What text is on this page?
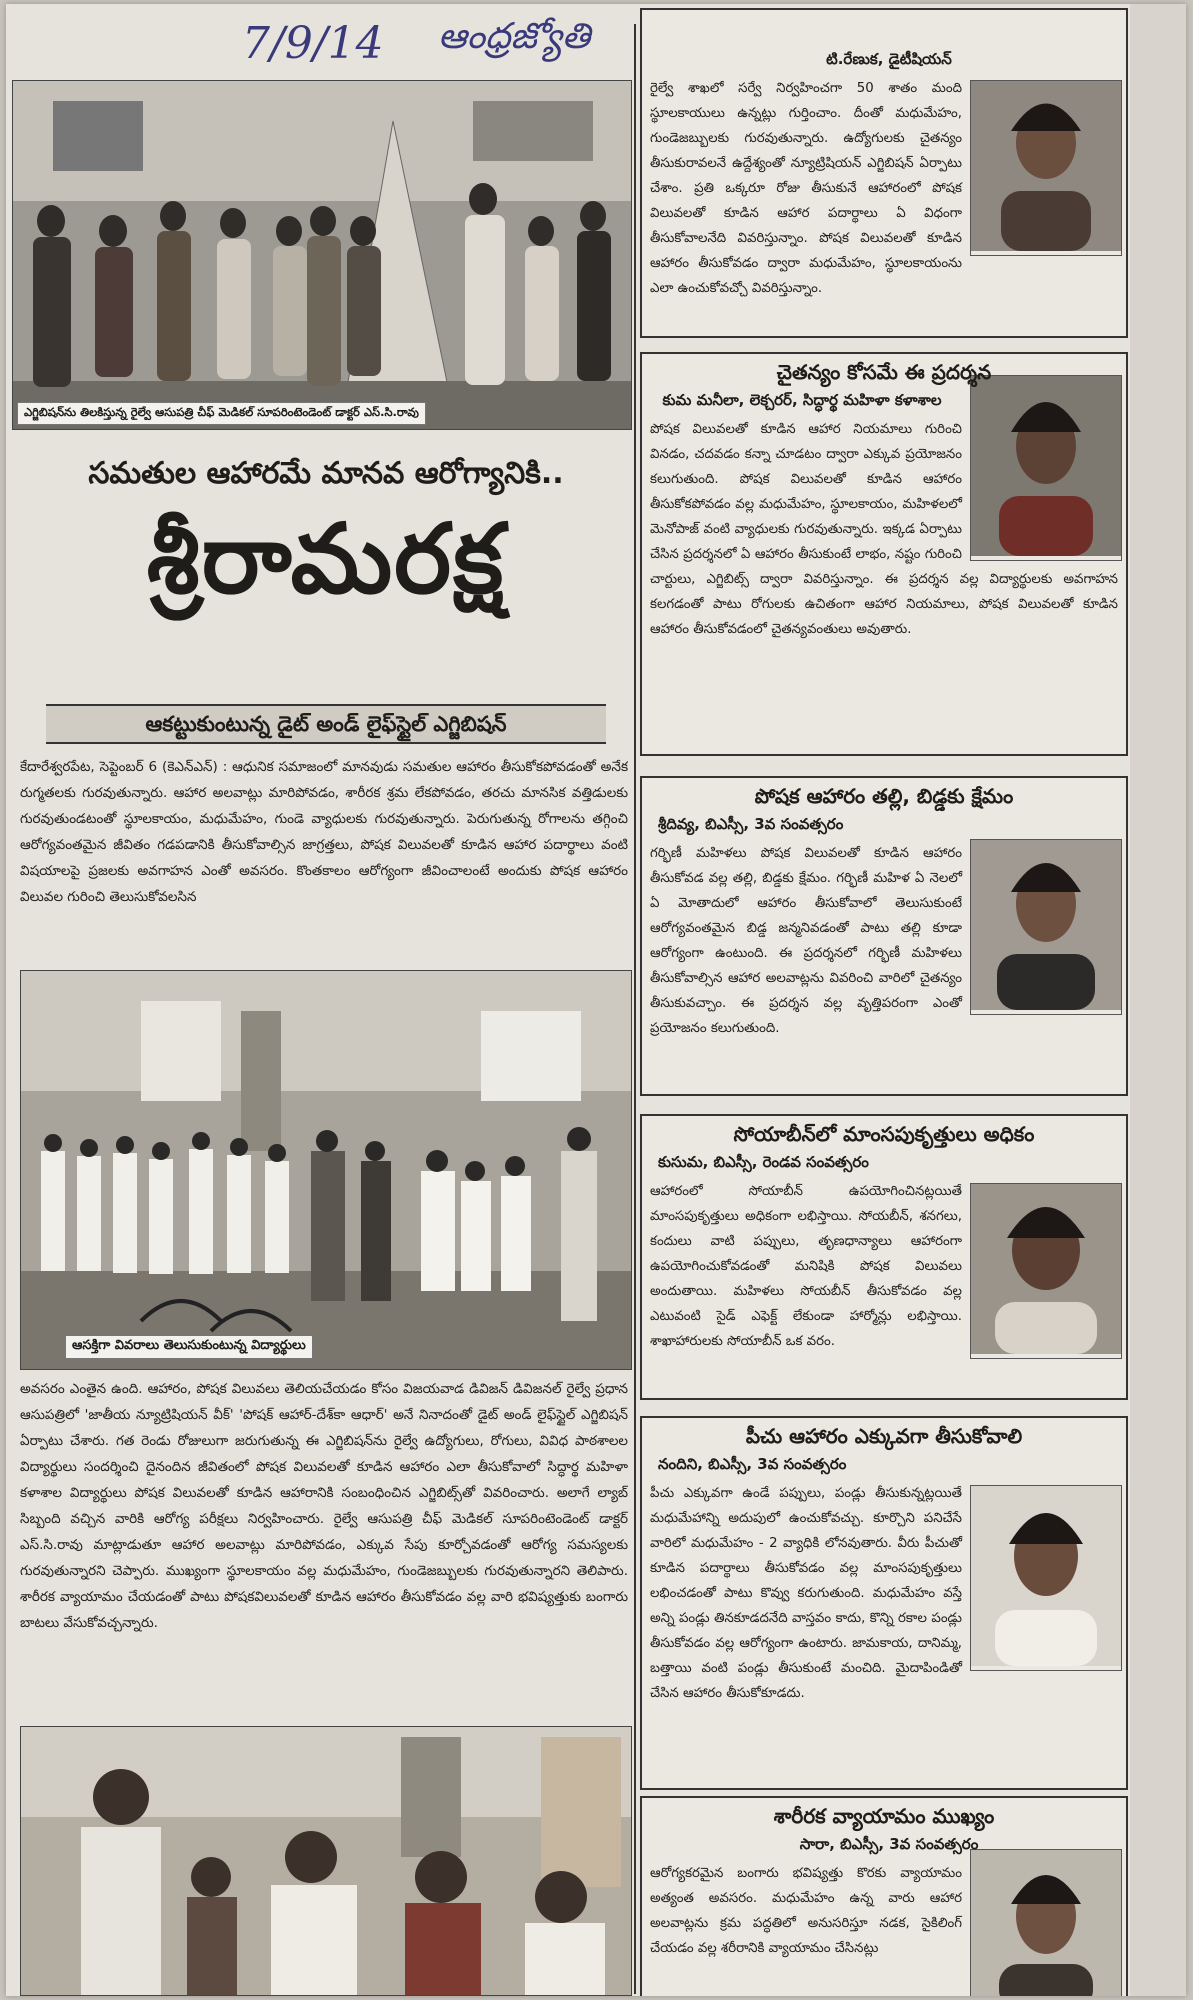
7/9/14 ఆంధ్రజ్యోతి
ఎగ్జిబిషన్‌ను తిలకిస్తున్న రైల్వే ఆసుపత్రి చీఫ్ మెడికల్ సూపరింటెండెంట్ డాక్టర్ ఎస్.సి.రావు
సమతుల ఆహారమే మానవ ఆరోగ్యానికి..
శ్రీరామరక్ష
ఆకట్టుకుంటున్న డైట్ అండ్ లైఫ్‌స్టైల్ ఎగ్జిబిషన్
కేదారేశ్వరపేట, సెప్టెంబర్ 6 (కెఎన్ఎన్) : ఆధునిక సమాజంలో మానవుడు సమతుల ఆహారం తీసుకోకపోవడంతో అనేక రుగ్మతలకు గురవుతున్నారు. ఆహార అలవాట్లు మారిపోవడం, శారీరక శ్రమ లేకపోవడం, తరచు మానసిక వత్తిడులకు గురవుతుండటంతో స్థూలకాయం, మధుమేహం, గుండె వ్యాధులకు గురవుతున్నారు. పెరుగుతున్న రోగాలను తగ్గించి ఆరోగ్యవంతమైన జీవితం గడపడానికి తీసుకోవాల్సిన జాగ్రత్తలు, పోషక విలువలతో కూడిన ఆహార పదార్థాలు వంటి విషయాలపై ప్రజలకు అవగాహన ఎంతో అవసరం. కొంతకాలం ఆరోగ్యంగా జీవించాలంటే అందుకు పోషక ఆహారం విలువల గురించి తెలుసుకోవలసిన
ఆసక్తిగా వివరాలు తెలుసుకుంటున్న విద్యార్థులు
అవసరం ఎంతైన ఉంది. ఆహారం, పోషక విలువలు తెలియచేయడం కోసం విజయవాడ డివిజన్ డివిజనల్ రైల్వే ప్రధాన ఆసుపత్రిలో 'జాతీయ న్యూట్రిషియన్ వీక్' 'పోషక్ ఆహార్-దేశ్‌కా ఆధార్' అనే నినాదంతో డైట్ అండ్ లైఫ్‌స్టైల్ ఎగ్జిబిషన్ ఏర్పాటు చేశారు. గత రెండు రోజులుగా జరుగుతున్న ఈ ఎగ్జిబిషన్‌ను రైల్వే ఉద్యోగులు, రోగులు, వివిధ పాఠశాలల విద్యార్థులు సందర్శించి దైనందిన జీవితంలో పోషక విలువలతో కూడిన ఆహారం ఎలా తీసుకోవాలో సిద్ధార్థ మహిళా కళాశాల విద్యార్థులు పోషక విలువలతో కూడిన ఆహారానికి సంబంధించిన ఎగ్జిబిట్స్‌తో వివరించారు. అలాగే ల్యాబ్ సిబ్బంది వచ్చిన వారికి ఆరోగ్య పరీక్షలు నిర్వహించారు. రైల్వే ఆసుపత్రి చీఫ్ మెడికల్ సూపరింటెండెంట్ డాక్టర్ ఎస్.సి.రావు మాట్లాడుతూ ఆహార అలవాట్లు మారిపోవడం, ఎక్కువ సేపు కూర్చోవడంతో ఆరోగ్య సమస్యలకు గురవుతున్నారని చెప్పారు. ముఖ్యంగా స్థూలకాయం వల్ల మధుమేహం, గుండెజబ్బులకు గురవుతున్నారని తెలిపారు. శారీరక వ్యాయామం చేయడంతో పాటు పోషకవిలువలతో కూడిన ఆహారం తీసుకోవడం వల్ల వారి భవిష్యత్తుకు బంగారు బాటలు వేసుకోవచ్చన్నారు.
టి.రేణుక, డైటీషియన్
రైల్వే శాఖలో సర్వే నిర్వహించగా 50 శాతం మంది స్థూలకాయులు ఉన్నట్లు గుర్తించాం. దీంతో మధుమేహం, గుండెజబ్బులకు గురవుతున్నారు. ఉద్యోగులకు చైతన్యం తీసుకురావలనే ఉద్దేశ్యంతో న్యూట్రిషియన్ ఎగ్జిబిషన్ ఏర్పాటు చేశాం. ప్రతి ఒక్కరూ రోజు తీసుకునే ఆహారంలో పోషక విలువలతో కూడిన ఆహార పదార్థాలు ఏ విధంగా తీసుకోవాలనేది వివరిస్తున్నాం. పోషక విలువలతో కూడిన ఆహారం తీసుకోవడం ద్వారా మధుమేహం, స్థూలకాయంను ఎలా ఉంచుకోవచ్చో వివరిస్తున్నాం.
చైతన్యం కోసమే ఈ ప్రదర్శన
కుమ మనీలా, లెక్చరర్, సిద్ధార్థ మహిళా కళాశాల
పోషక విలువలతో కూడిన ఆహార నియమాలు గురించి వినడం, చదవడం కన్నా చూడటం ద్వారా ఎక్కువ ప్రయోజనం కలుగుతుంది. పోషక విలువలతో కూడిన ఆహారం తీసుకోకపోవడం వల్ల మధుమేహం, స్థూలకాయం, మహిళలలో మెనోపాజ్ వంటి వ్యాధులకు గురవుతున్నారు. ఇక్కడ ఏర్పాటు చేసిన ప్రదర్శనలో ఏ ఆహారం తీసుకుంటే లాభం, నష్టం గురించి చార్టులు, ఎగ్జిబిట్స్ ద్వారా వివరిస్తున్నాం. ఈ ప్రదర్శన వల్ల విద్యార్థులకు అవగాహన కలగడంతో పాటు రోగులకు ఉచితంగా ఆహార నియమాలు, పోషక విలువలతో కూడిన ఆహారం తీసుకోవడంలో చైతన్యవంతులు అవుతారు.
పోషక ఆహారం తల్లి, బిడ్డకు క్షేమం
శ్రీదివ్య, బిఎస్సీ, 3వ సంవత్సరం
గర్భిణీ మహిళలు పోషక విలువలతో కూడిన ఆహారం తీసుకోవడ వల్ల తల్లి, బిడ్డకు క్షేమం. గర్భిణీ మహిళ ఏ నెలలో ఏ మోతాదులో ఆహారం తీసుకోవాలో తెలుసుకుంటే ఆరోగ్యవంతమైన బిడ్డ జన్మనివడంతో పాటు తల్లి కూడా ఆరోగ్యంగా ఉంటుంది. ఈ ప్రదర్శనలో గర్భిణీ మహిళలు తీసుకోవాల్సిన ఆహార అలవాట్లను వివరించి వారిలో చైతన్యం తీసుకువచ్చాం. ఈ ప్రదర్శన వల్ల వృత్తిపరంగా ఎంతో ప్రయోజనం కలుగుతుంది.
సోయాబీన్‌లో మాంసపుకృత్తులు అధికం
కుసుమ, బిఎస్సీ, రెండవ సంవత్సరం
ఆహారంలో సోయాబీన్ ఉపయోగించినట్లయితే మాంసపుకృత్తులు అధికంగా లభిస్తాయి. సోయబీన్, శనగలు, కందులు వాటి పప్పులు, తృణధాన్యాలు ఆహారంగా ఉపయోగించుకోవడంతో మనిషికి పోషక విలువలు అందుతాయి. మహిళలు సోయబీన్ తీసుకోవడం వల్ల ఎటువంటి సైడ్ ఎఫెక్ట్ లేకుండా హార్మోన్లు లభిస్తాయి. శాఖాహారులకు సోయాబీన్ ఒక వరం.
పీచు ఆహారం ఎక్కువగా తీసుకోవాలి
నందిని, బిఎస్సీ, 3వ సంవత్సరం
పీచు ఎక్కువగా ఉండే పప్పులు, పండ్లు తీసుకున్నట్లయితే మధుమేహాన్ని అదుపులో ఉంచుకోవచ్చు. కూర్చొని పనిచేసే వారిలో మధుమేహం - 2 వ్యాధికి లోనవుతారు. వీరు పీచుతో కూడిన పదార్థాలు తీసుకోవడం వల్ల మాంసపుకృత్తులు లభించడంతో పాటు కొవ్వు కరుగుతుంది. మధుమేహం వస్తే అన్ని పండ్లు తినకూడదనేది వాస్తవం కాదు, కొన్ని రకాల పండ్లు తీసుకోవడం వల్ల ఆరోగ్యంగా ఉంటారు. జామకాయ, దానిమ్మ, బత్తాయి వంటి పండ్లు తీసుకుంటే మంచిది. మైదాపిండితో చేసిన ఆహారం తీసుకోకూడదు.
శారీరక వ్యాయామం ముఖ్యం
సారా, బిఎస్సీ, 3వ సంవత్సరం
ఆరోగ్యకరమైన బంగారు భవిష్యత్తు కొరకు వ్యాయామం అత్యంత అవసరం. మధుమేహం ఉన్న వారు ఆహార అలవాట్లను క్రమ పద్ధతిలో అనుసరిస్తూ నడక, సైకిలింగ్ చేయడం వల్ల శరీరానికి వ్యాయామం చేసినట్లు
